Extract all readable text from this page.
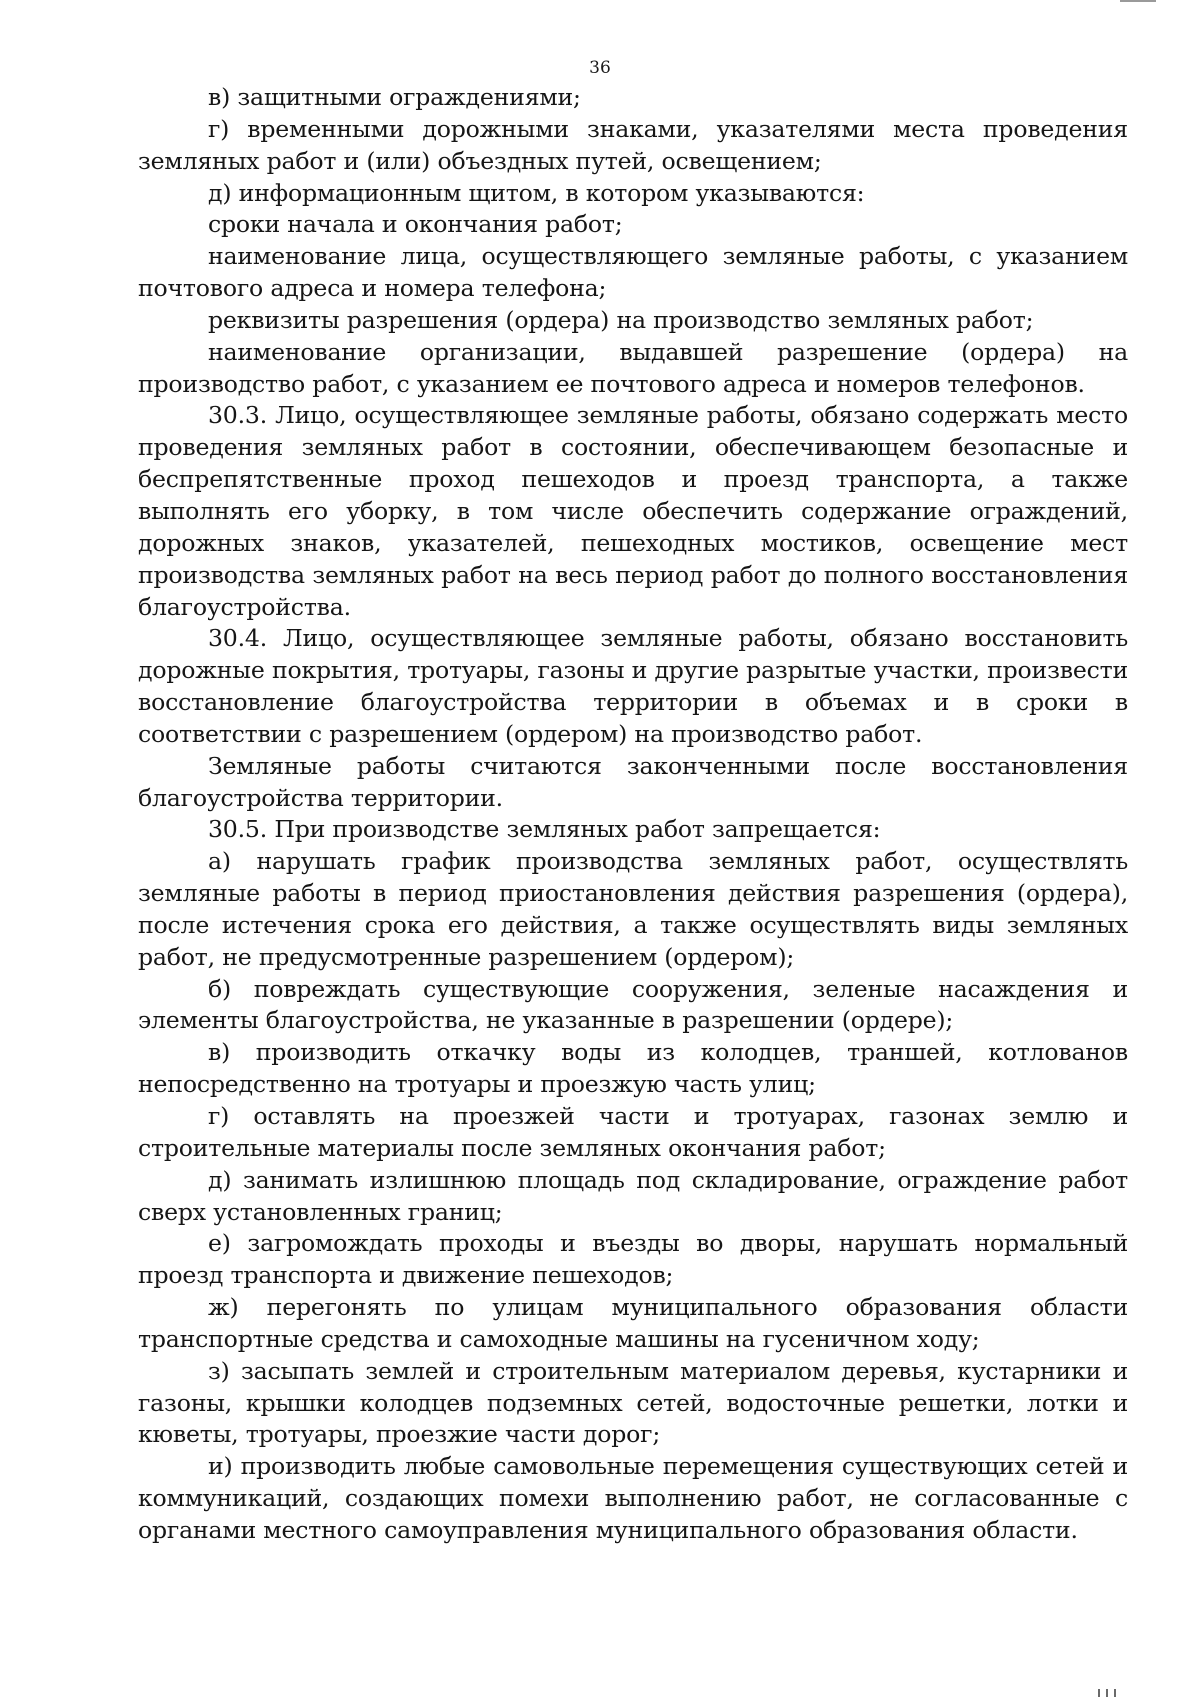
36

в) защитными ограждениями;

г) временными дорожными знаками, указателями места проведения земляных работ и (или) объездных путей, освещением;

д) информационным щитом, в котором указываются:

сроки начала и окончания работ;

наименование лица, осуществляющего земляные работы, с указанием почтового адреса и номера телефона;

реквизиты разрешения (ордера) на производство земляных работ;

наименование организации, выдавшей разрешение (ордера) на производство работ, с указанием ее почтового адреса и номеров телефонов.

30.3. Лицо, осуществляющее земляные работы, обязано содержать место проведения земляных работ в состоянии, обеспечивающем безопасные и беспрепятственные проход пешеходов и проезд транспорта, а также выполнять его уборку, в том числе обеспечить содержание ограждений, дорожных знаков, указателей, пешеходных мостиков, освещение мест производства земляных работ на весь период работ до полного восстановления благоустройства.

30.4. Лицо, осуществляющее земляные работы, обязано восстановить дорожные покрытия, тротуары, газоны и другие разрытые участки, произвести восстановление благоустройства территории в объемах и в сроки в соответствии с разрешением (ордером) на производство работ.

Земляные работы считаются законченными после восстановления благоустройства территории.

30.5. При производстве земляных работ запрещается:

а) нарушать график производства земляных работ, осуществлять земляные работы в период приостановления действия разрешения (ордера), после истечения срока его действия, а также осуществлять виды земляных работ, не предусмотренные разрешением (ордером);

б) повреждать существующие сооружения, зеленые насаждения и элементы благоустройства, не указанные в разрешении (ордере);

в) производить откачку воды из колодцев, траншей, котлованов непосредственно на тротуары и проезжую часть улиц;

г) оставлять на проезжей части и тротуарах, газонах землю и строительные материалы после земляных окончания работ;

д) занимать излишнюю площадь под складирование, ограждение работ сверх установленных границ;

е) загромождать проходы и въезды во дворы, нарушать нормальный проезд транспорта и движение пешеходов;

ж) перегонять по улицам муниципального образования области транспортные средства и самоходные машины на гусеничном ходу;

з) засыпать землей и строительным материалом деревья, кустарники и газоны, крышки колодцев подземных сетей, водосточные решетки, лотки и кюветы, тротуары, проезжие части дорог;

и) производить любые самовольные перемещения существующих сетей и коммуникаций, создающих помехи выполнению работ, не согласованные с органами местного самоуправления муниципального образования области.
